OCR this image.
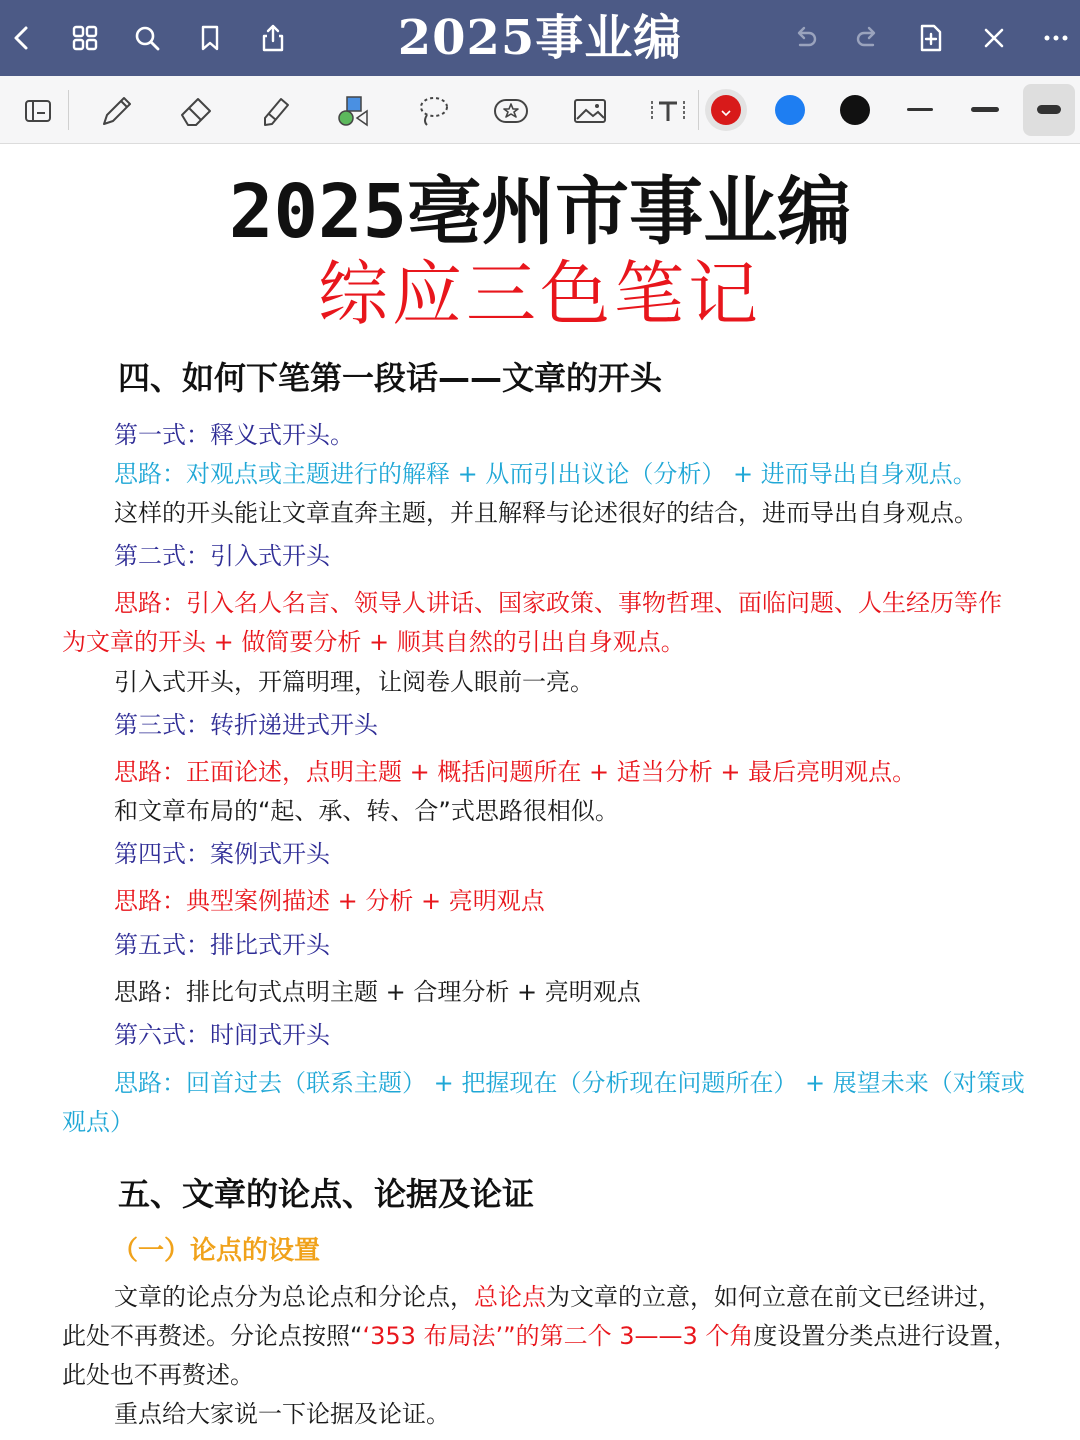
2025事业编
2025亳州市事业编
综应三色笔记
四、如何下笔第一段话——文章的开头
第一式：释义式开头。
思路：对观点或主题进行的解释 + 从而引出议论（分析） + 进而导出自身观点。
这样的开头能让文章直奔主题，并且解释与论述很好的结合，进而导出自身观点。
第二式：引入式开头
思路：引入名人名言、领导人讲话、国家政策、事物哲理、面临问题、人生经历等作
为文章的开头 + 做简要分析 + 顺其自然的引出自身观点。
引入式开头，开篇明理，让阅卷人眼前一亮。
第三式：转折递进式开头
思路：正面论述，点明主题 + 概括问题所在 + 适当分析 + 最后亮明观点。
和文章布局的“起、承、转、合”式思路很相似。
第四式：案例式开头
思路：典型案例描述 + 分析 + 亮明观点
第五式：排比式开头
思路：排比句式点明主题 + 合理分析 + 亮明观点
第六式：时间式开头
思路：回首过去（联系主题） + 把握现在（分析现在问题所在） + 展望未来（对策或
观点）
五、文章的论点、论据及论证
（一）论点的设置
文章的论点分为总论点和分论点，总论点为文章的立意，如何立意在前文已经讲过，
此处不再赘述。分论点按照“‘353 布局法’”的第二个 3——3 个角度设置分类点进行设置，
此处也不再赘述。
重点给大家说一下论据及论证。
